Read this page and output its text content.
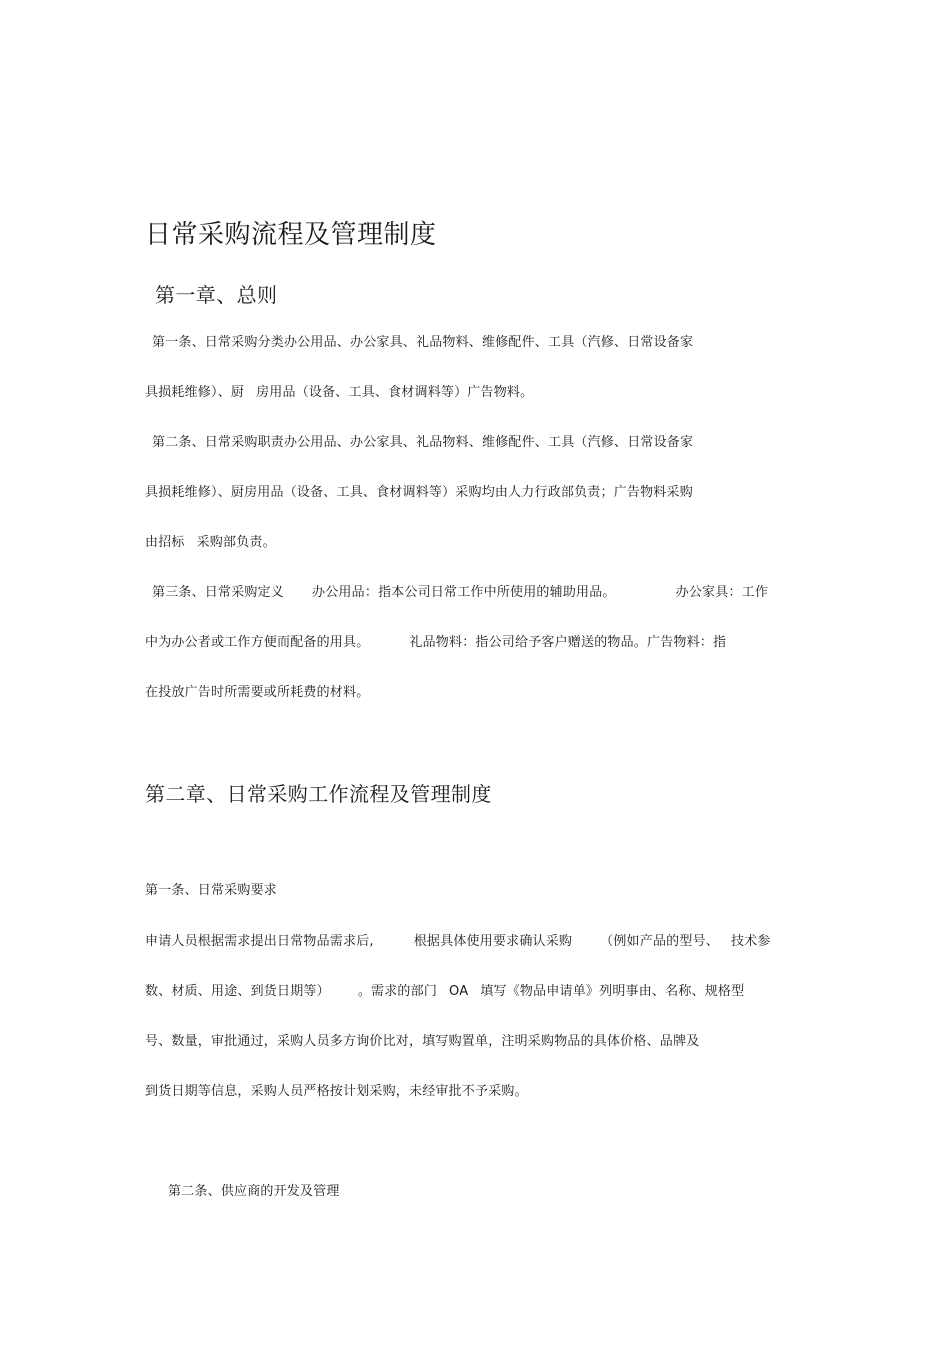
日常采购流程及管理制度
第一章、总则
第一条、日常采购分类办公用品、办公家具、礼品物料、维修配件、工具（汽修、日常设备家
具损耗维修）、厨 房用品（设备、工具、食材调料等）广告物料。
第二条、日常采购职责办公用品、办公家具、礼品物料、维修配件、工具（汽修、日常设备家
具损耗维修）、厨房用品（设备、工具、食材调料等）采购均由人力行政部负责；广告物料采购
由招标 采购部负责。
第三条、日常采购定义 办公用品：指本公司日常工作中所使用的辅助用品。	办公家具：工作
中为办公者或工作方便而配备的用具。	礼品物料：指公司给予客户赠送的物品。广告物料：指
在投放广告时所需要或所耗费的材料。
第二章、日常采购工作流程及管理制度
第一条、日常采购要求
申请人员根据需求提出日常物品需求后,	根据具体使用要求确认采购 （例如产品的型号、 技术参
数、材质、用途、到货日期等） 。需求的部门 OA 填写《物品申请单》列明事由、名称、规格型
号、数量，审批通过，采购人员多方询价比对，填写购置单，注明采购物品的具体价格、品牌及
到货日期等信息，采购人员严格按计划采购，未经审批不予采购。
第二条、供应商的开发及管理
